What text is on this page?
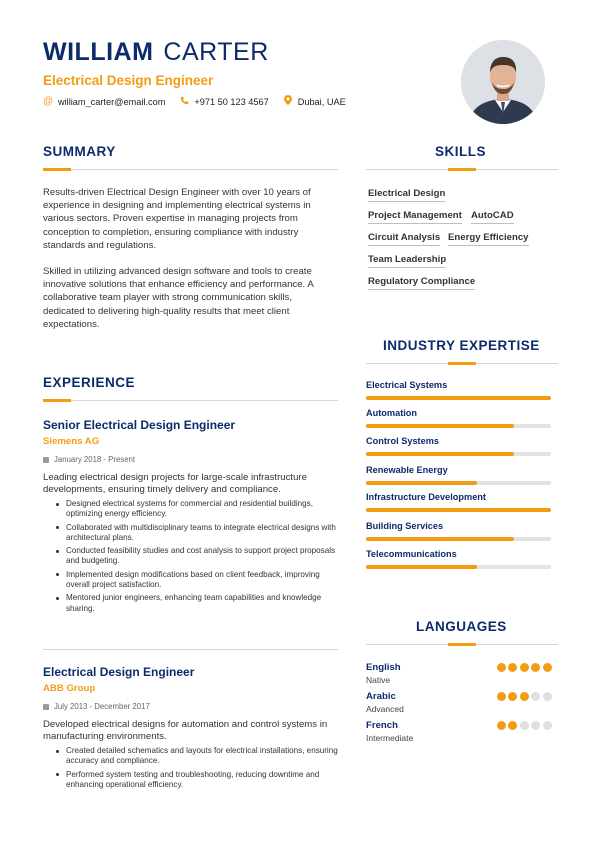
WILLIAM CARTER
Electrical Design Engineer
@ william_carter@email.com	+971 50 123 4567	Dubai, UAE
SUMMARY
Results-driven Electrical Design Engineer with over 10 years of experience in designing and implementing electrical systems in various sectors. Proven expertise in managing projects from conception to completion, ensuring compliance with industry standards and regulations.
Skilled in utilizing advanced design software and tools to create innovative solutions that enhance efficiency and performance. A collaborative team player with strong communication skills, dedicated to delivering high-quality results that meet client expectations.
EXPERIENCE
Senior Electrical Design Engineer
Siemens AG
January 2018 - Present
Leading electrical design projects for large-scale infrastructure developments, ensuring timely delivery and compliance.
Designed electrical systems for commercial and residential buildings, optimizing energy efficiency.
Collaborated with multidisciplinary teams to integrate electrical designs with architectural plans.
Conducted feasibility studies and cost analysis to support project proposals and budgeting.
Implemented design modifications based on client feedback, improving overall project satisfaction.
Mentored junior engineers, enhancing team capabilities and knowledge sharing.
Electrical Design Engineer
ABB Group
July 2013 - December 2017
Developed electrical designs for automation and control systems in manufacturing environments.
Created detailed schematics and layouts for electrical installations, ensuring accuracy and compliance.
Performed system testing and troubleshooting, reducing downtime and enhancing operational efficiency.
SKILLS
Electrical Design
Project Management AutoCAD
Circuit Analysis Energy Efficiency
Team Leadership
Regulatory Compliance
INDUSTRY EXPERTISE
Electrical Systems
Automation
Control Systems
Renewable Energy
Infrastructure Development
Building Services
Telecommunications
LANGUAGES
English
Native
Arabic
Advanced
French
Intermediate
